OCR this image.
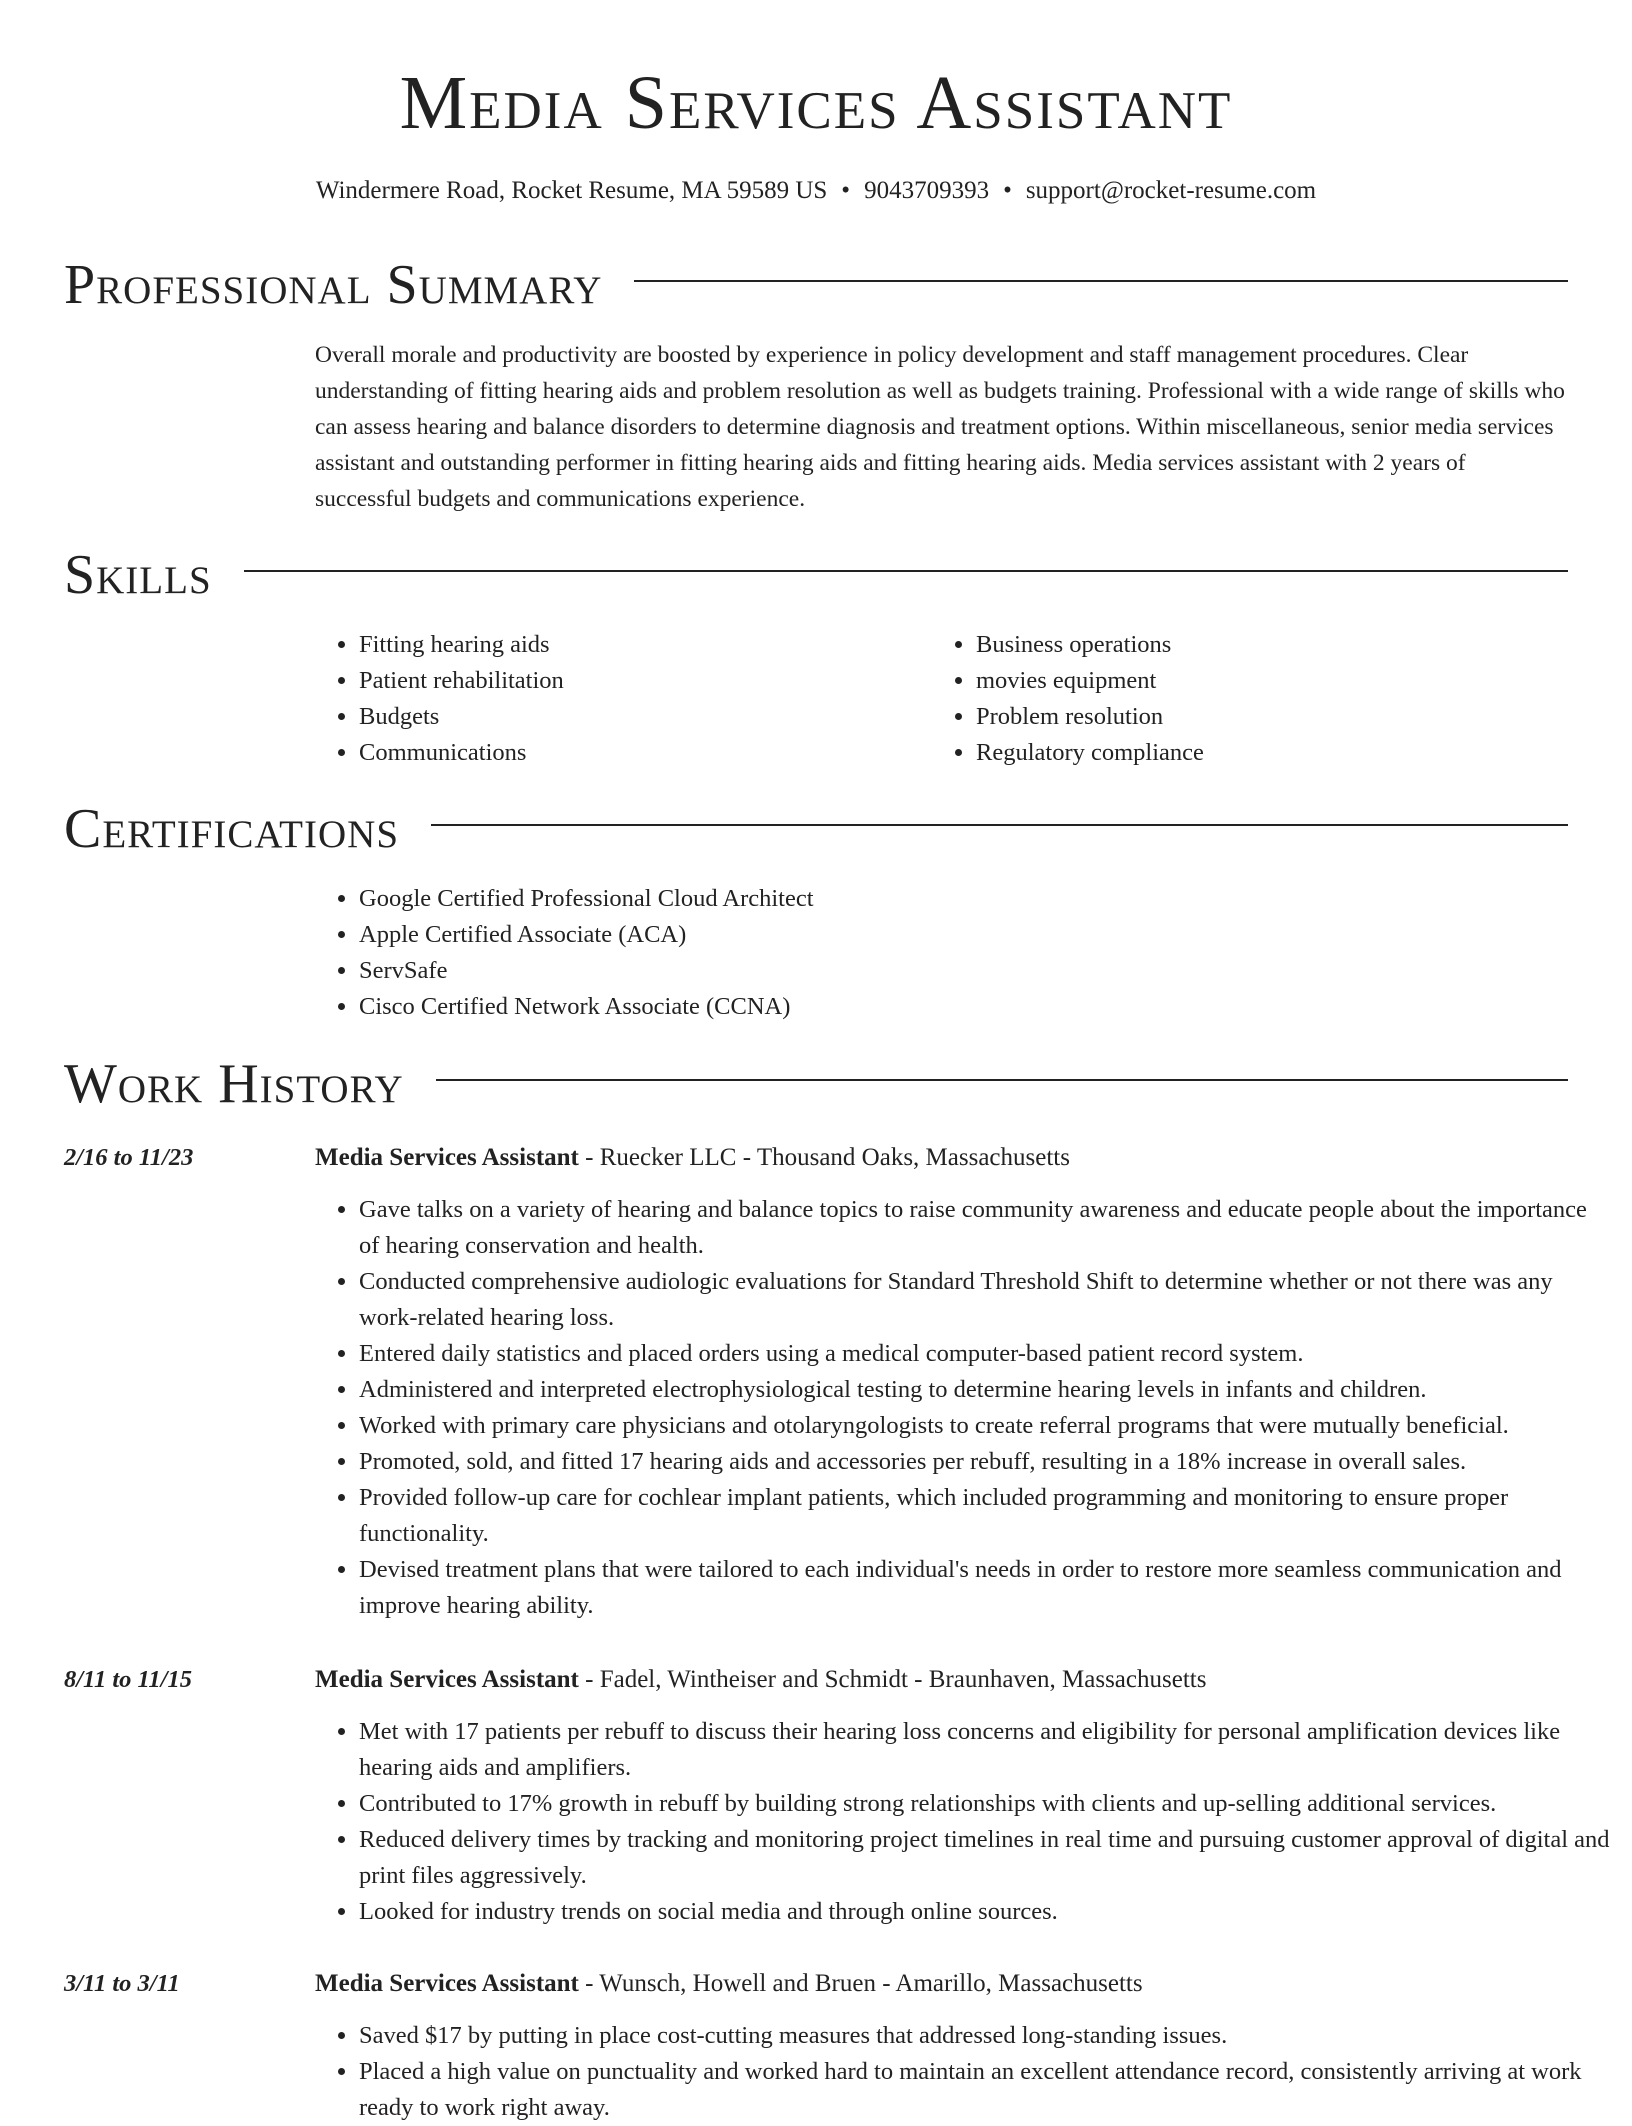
Media Services Assistant
Windermere Road, Rocket Resume, MA 59589 US • 9043709393 • support@rocket-resume.com
Professional Summary

Overall morale and productivity are boosted by experience in policy development and staff management procedures. Clear understanding of fitting hearing aids and problem resolution as well as budgets training. Professional with a wide range of skills who can assess hearing and balance disorders to determine diagnosis and treatment options. Within miscellaneous, senior media services assistant and outstanding performer in fitting hearing aids and fitting hearing aids. Media services assistant with 2 years of successful budgets and communications experience.

Skills
• Fitting hearing aids
• Patient rehabilitation
• Budgets
• Communications
• Business operations
• movies equipment
• Problem resolution
• Regulatory compliance
Certifications
• Google Certified Professional Cloud Architect
• Apple Certified Associate (ACA)
• ServSafe
• Cisco Certified Network Associate (CCNA)
Work History
2/16 to 11/23	Media Services Assistant - Ruecker LLC - Thousand Oaks, Massachusetts
• Gave talks on a variety of hearing and balance topics to raise community awareness and educate people about the importance of hearing conservation and health.
• Conducted comprehensive audiologic evaluations for Standard Threshold Shift to determine whether or not there was any work-related hearing loss.
• Entered daily statistics and placed orders using a medical computer-based patient record system.
• Administered and interpreted electrophysiological testing to determine hearing levels in infants and children.
• Worked with primary care physicians and otolaryngologists to create referral programs that were mutually beneficial.
• Promoted, sold, and fitted 17 hearing aids and accessories per rebuff, resulting in a 18% increase in overall sales.
• Provided follow-up care for cochlear implant patients, which included programming and monitoring to ensure proper functionality.
• Devised treatment plans that were tailored to each individual's needs in order to restore more seamless communication and improve hearing ability.
8/11 to 11/15	Media Services Assistant - Fadel, Wintheiser and Schmidt - Braunhaven, Massachusetts
• Met with 17 patients per rebuff to discuss their hearing loss concerns and eligibility for personal amplification devices like hearing aids and amplifiers.
• Contributed to 17% growth in rebuff by building strong relationships with clients and up-selling additional services.
• Reduced delivery times by tracking and monitoring project timelines in real time and pursuing customer approval of digital and print files aggressively.
• Looked for industry trends on social media and through online sources.
3/11 to 3/11	Media Services Assistant - Wunsch, Howell and Bruen - Amarillo, Massachusetts
• Saved $17 by putting in place cost-cutting measures that addressed long-standing issues.
• Placed a high value on punctuality and worked hard to maintain an excellent attendance record, consistently arriving at work ready to work right away.
